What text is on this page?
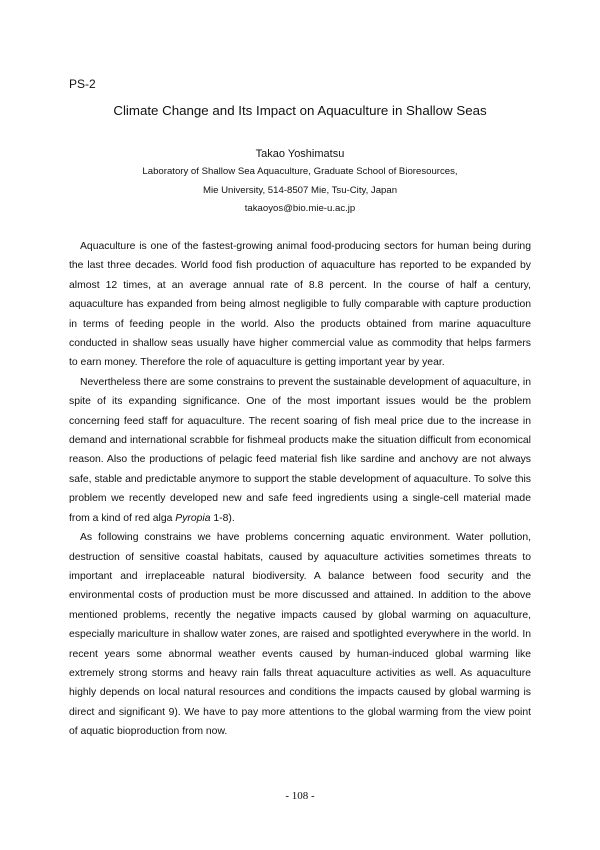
PS-2
Climate Change and Its Impact on Aquaculture in Shallow Seas
Takao Yoshimatsu
Laboratory of Shallow Sea Aquaculture, Graduate School of Bioresources,
Mie University, 514-8507 Mie, Tsu-City, Japan
takaoyos@bio.mie-u.ac.jp

Aquaculture is one of the fastest-growing animal food-producing sectors for human being during the last three decades. World food fish production of aquaculture has reported to be expanded by almost 12 times, at an average annual rate of 8.8 percent. In the course of half a century, aquaculture has expanded from being almost negligible to fully comparable with capture production in terms of feeding people in the world. Also the products obtained from marine aquaculture conducted in shallow seas usually have higher commercial value as commodity that helps farmers to earn money. Therefore the role of aquaculture is getting important year by year.

Nevertheless there are some constrains to prevent the sustainable development of aquaculture, in spite of its expanding significance. One of the most important issues would be the problem concerning feed staff for aquaculture. The recent soaring of fish meal price due to the increase in demand and international scrabble for fishmeal products make the situation difficult from economical reason. Also the productions of pelagic feed material fish like sardine and anchovy are not always safe, stable and predictable anymore to support the stable development of aquaculture. To solve this problem we recently developed new and safe feed ingredients using a single-cell material made from a kind of red alga Pyropia 1-8).

As following constrains we have problems concerning aquatic environment. Water pollution, destruction of sensitive coastal habitats, caused by aquaculture activities sometimes threats to important and irreplaceable natural biodiversity. A balance between food security and the environmental costs of production must be more discussed and attained. In addition to the above mentioned problems, recently the negative impacts caused by global warming on aquaculture, especially mariculture in shallow water zones, are raised and spotlighted everywhere in the world. In recent years some abnormal weather events caused by human-induced global warming like extremely strong storms and heavy rain falls threat aquaculture activities as well. As aquaculture highly depends on local natural resources and conditions the impacts caused by global warming is direct and significant 9). We have to pay more attentions to the global warming from the view point of aquatic bioproduction from now.

- 108 -
